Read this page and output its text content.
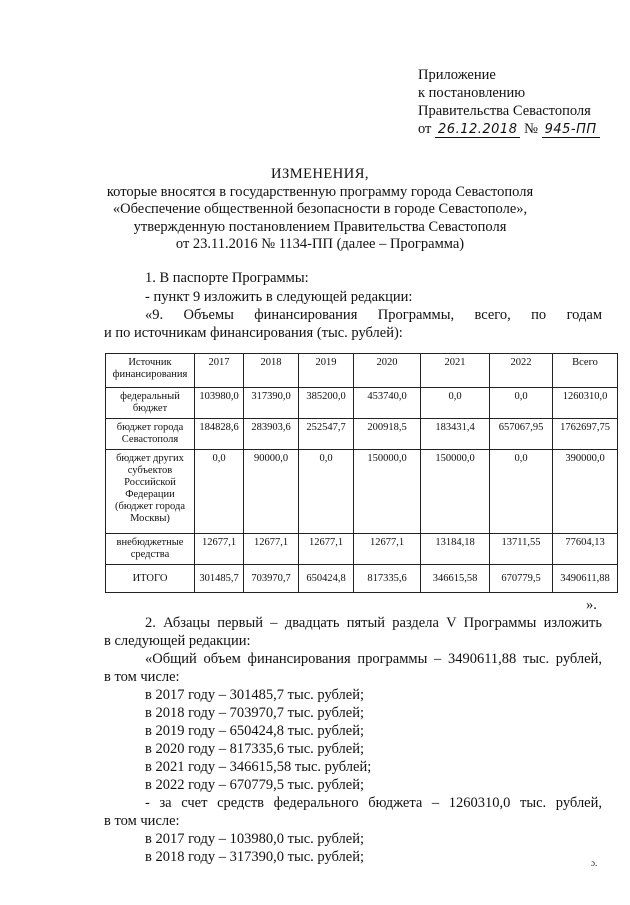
Приложение
к постановлению
Правительства Севастополя
от 26.12.2018 № 945-ПП
ИЗМЕНЕНИЯ,
которые вносятся в государственную программу города Севастополя
«Обеспечение общественной безопасности в городе Севастополе»,
утвержденную постановлением Правительства Севастополя
от 23.11.2016 № 1134-ПП (далее – Программа)
1. В паспорте Программы:
- пункт 9 изложить в следующей редакции:
«9. Объемы финансирования Программы, всего, по годам
и по источникам финансирования (тыс. рублей):
Источник финансирования	2017	2018	2019	2020	2021	2022	Всего
федеральный бюджет	103980,0	317390,0	385200,0	453740,0	0,0	0,0	1260310,0
бюджет города Севастополя	184828,6	283903,6	252547,7	200918,5	183431,4	657067,95	1762697,75
бюджет других субъектов Российской Федерации (бюджет города Москвы)	0,0	90000,0	0,0	150000,0	150000,0	0,0	390000,0
внебюджетные средства	12677,1	12677,1	12677,1	12677,1	13184,18	13711,55	77604,13
ИТОГО	301485,7	703970,7	650424,8	817335,6	346615,58	670779,5	3490611,88
».
2. Абзацы первый – двадцать пятый раздела V Программы изложить
в следующей редакции:
«Общий объем финансирования программы – 3490611,88 тыс. рублей,
в том числе:
в 2017 году – 301485,7 тыс. рублей;
в 2018 году – 703970,7 тыс. рублей;
в 2019 году – 650424,8 тыс. рублей;
в 2020 году – 817335,6 тыс. рублей;
в 2021 году – 346615,58 тыс. рублей;
в 2022 году – 670779,5 тыс. рублей;
- за счет средств федерального бюджета – 1260310,0 тыс. рублей,
в том числе:
в 2017 году – 103980,0 тыс. рублей;
в 2018 году – 317390,0 тыс. рублей;	ɔ.
